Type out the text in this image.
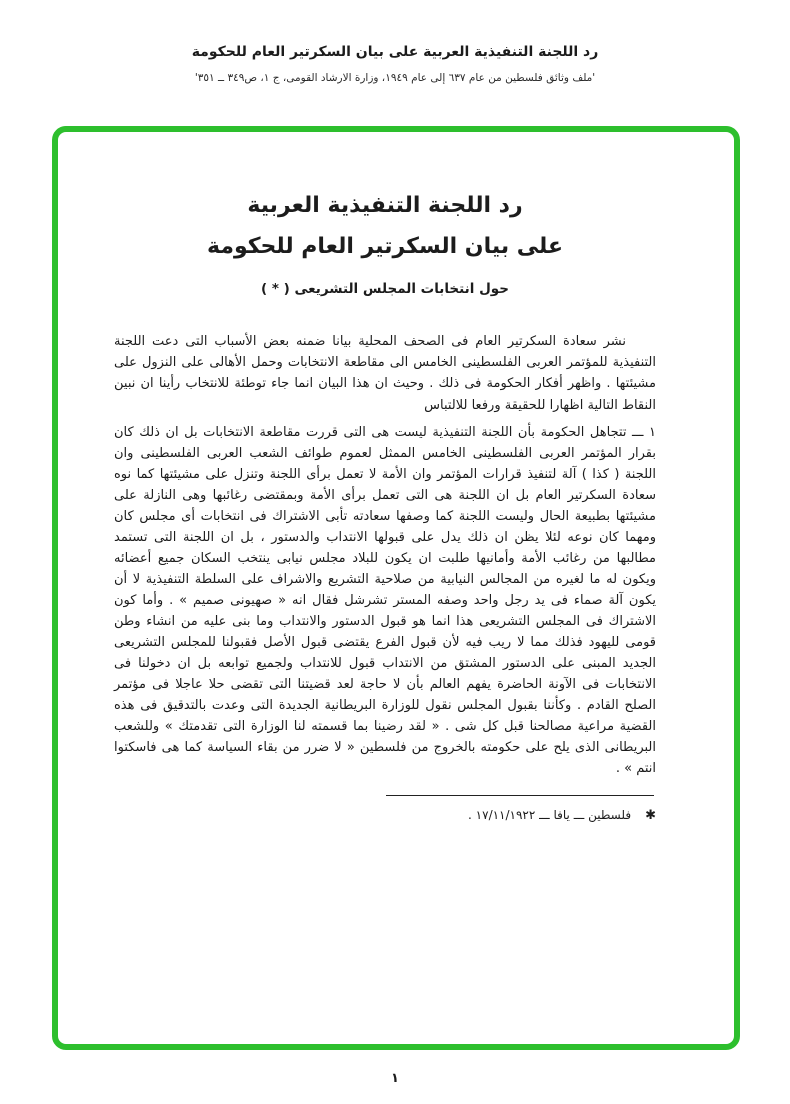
رد اللجنة التنفيذية العربية على بيان السكرتير العام للحكومة
'ملف وثائق فلسطين من عام ٦٣٧ إلى عام ١٩٤٩، وزارة الارشاد القومى، ج ١، ص٣٤٩ ــ ٣٥١'
رد اللجنة التنفيذية العربية
على بيان السكرتير العام للحكومة
حول انتخابات المجلس التشريعى ( * )

نشر سعادة السكرتير العام فى الصحف المحلية بيانا ضمنه بعض الأسباب التى دعت اللجنة التنفيذية للمؤتمر العربى الفلسطينى الخامس الى مقاطعة الانتخابات وحمل الأهالى على النزول على مشيئتها . واظهر أفكار الحكومة فى ذلك . وحيث ان هذا البيان انما جاء توطئة للانتخاب رأينا ان نبين النقاط التالية اظهارا للحقيقة ورفعا للالتباس

١ ـــ تتجاهل الحكومة بأن اللجنة التنفيذية ليست هى التى قررت مقاطعة الانتخابات بل ان ذلك كان بقرار المؤتمر العربى الفلسطينى الخامس الممثل لعموم طوائف الشعب العربى الفلسطينى وان اللجنة ( كذا ) آلة لتنفيذ قرارات المؤتمر وان الأمة لا تعمل برأى اللجنة وتنزل على مشيئتها كما نوه سعادة السكرتير العام بل ان اللجنة هى التى تعمل برأى الأمة وبمقتضى رغائبها وهى النازلة على مشيئتها بطبيعة الحال وليست اللجنة كما وصفها سعادته تأبى الاشتراك فى انتخابات أى مجلس كان ومهما كان نوعه لئلا يظن ان ذلك يدل على قبولها الانتداب والدستور ، بل ان اللجنة التى تستمد مطالبها من رغائب الأمة وأمانيها طلبت ان يكون للبلاد مجلس نيابى ينتخب السكان جميع أعضائه ويكون له ما لغيره من المجالس النيابية من صلاحية التشريع والاشراف على السلطة التنفيذية لا أن يكون آلة صماء فى يد رجل واحد وصفه المستر تشرشل فقال انه « صهيونى صميم » . وأما كون الاشتراك فى المجلس التشريعى هذا انما هو قبول الدستور والانتداب وما بنى عليه من انشاء وطن قومى لليهود فذلك مما لا ريب فيه لأن قبول الفرع يقتضى قبول الأصل فقبولنا للمجلس التشريعى الجديد المبنى على الدستور المشتق من الانتداب قبول للانتداب ولجميع توابعه بل ان دخولنا فى الانتخابات فى الآونة الحاضرة يفهم العالم بأن لا حاجة لعد قضيتنا التى تقضى حلا عاجلا فى مؤتمر الصلح القادم . وكأننا بقبول المجلس نقول للوزارة البريطانية الجديدة التى وعدت بالتدقيق فى هذه القضية مراعية مصالحنا قبل كل شى . « لقد رضينا بما قسمته لنا الوزارة التى تقدمتك » وللشعب البريطانى الذى يلح على حكومته بالخروج من فلسطين « لا ضرر من بقاء السياسة كما هى فاسكتوا انتم » .

✱
فلسطين ـــ يافا ـــ ١٧/١١/١٩٢٢ .
١
